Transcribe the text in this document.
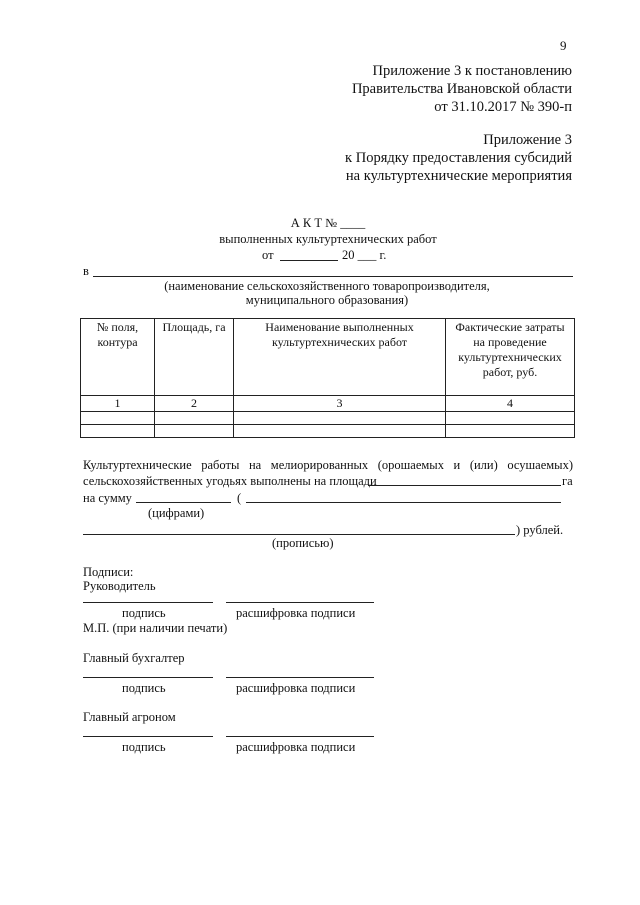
9
Приложение 3 к постановлению
Правительства Ивановской области
от 31.10.2017 № 390-п
Приложение 3
к Порядку предоставления субсидий
на культуртехнические мероприятия
А К Т № ____
выполненных культуртехнических работ
от	20 ___ г.
в
(наименование сельскохозяйственного товаропроизводителя,
муниципального образования)
№ поля, контура	Площадь, га	Наименование выполненных культуртехнических работ	Фактические затраты на проведение культуртехнических работ, руб.
1	2	3	4

Культуртехнические работы на мелиорированных (орошаемых и (или) осушаемых)
сельскохозяйственных угодьях выполнены на площади	га
на сумму	(
(цифрами)
) рублей.
(прописью)
Подписи:
Руководитель
подпись	расшифровка подписи
М.П. (при наличии печати)
Главный бухгалтер
подпись	расшифровка подписи
Главный агроном
подпись	расшифровка подписи
